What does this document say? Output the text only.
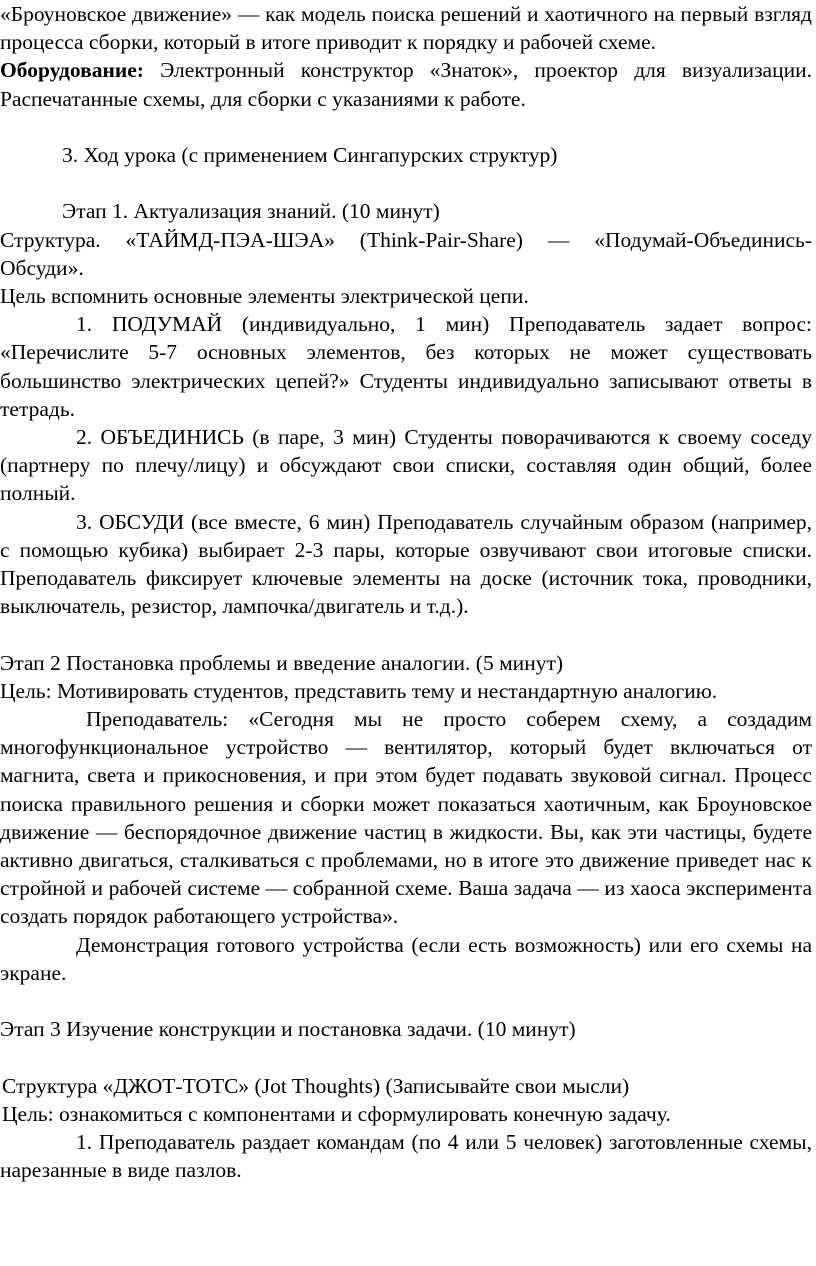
«Броуновское движение» — как модель поиска решений и хаотичного на первый взгляд процесса сборки, который в итоге приводит к порядку и рабочей схеме.

Оборудование: Электронный конструктор «Знаток», проектор для визуализации. Распечатанные схемы, для сборки с указаниями к работе.

3. Ход урока (с применением Сингапурских структур)

Этап 1. Актуализация знаний. (10 минут)

Структура. «ТАЙМД-ПЭА-ШЭА» (Think-Pair-Share) — «Подумай-Объединись-Обсуди».

Цель вспомнить основные элементы электрической цепи.

1. ПОДУМАЙ (индивидуально, 1 мин) Преподаватель задает вопрос: «Перечислите 5-7 основных элементов, без которых не может существовать большинство электрических цепей?» Студенты индивидуально записывают ответы в тетрадь.

2. ОБЪЕДИНИСЬ (в паре, 3 мин) Студенты поворачиваются к своему соседу (партнеру по плечу/лицу) и обсуждают свои списки, составляя один общий, более полный.

3. ОБСУДИ (все вместе, 6 мин) Преподаватель случайным образом (например, с помощью кубика) выбирает 2-3 пары, которые озвучивают свои итоговые списки. Преподаватель фиксирует ключевые элементы на доске (источник тока, проводники, выключатель, резистор, лампочка/двигатель и т.д.).

Этап 2 Постановка проблемы и введение аналогии. (5 минут)

Цель: Мотивировать студентов, представить тему и нестандартную аналогию.

Преподаватель: «Сегодня мы не просто соберем схему, а создадим многофункциональное устройство — вентилятор, который будет включаться от магнита, света и прикосновения, и при этом будет подавать звуковой сигнал. Процесс поиска правильного решения и сборки может показаться хаотичным, как Броуновское движение — беспорядочное движение частиц в жидкости. Вы, как эти частицы, будете активно двигаться, сталкиваться с проблемами, но в итоге это движение приведет нас к стройной и рабочей системе — собранной схеме. Ваша задача — из хаоса эксперимента создать порядок работающего устройства».

Демонстрация готового устройства (если есть возможность) или его схемы на экране.

Этап 3 Изучение конструкции и постановка задачи. (10 минут)

Структура «ДЖОТ-ТОТС» (Jot Thoughts) (Записывайте свои мысли)

Цель: ознакомиться с компонентами и сформулировать конечную задачу.

1. Преподаватель раздает командам (по 4 или 5 человек) заготовленные схемы, нарезанные в виде пазлов.
